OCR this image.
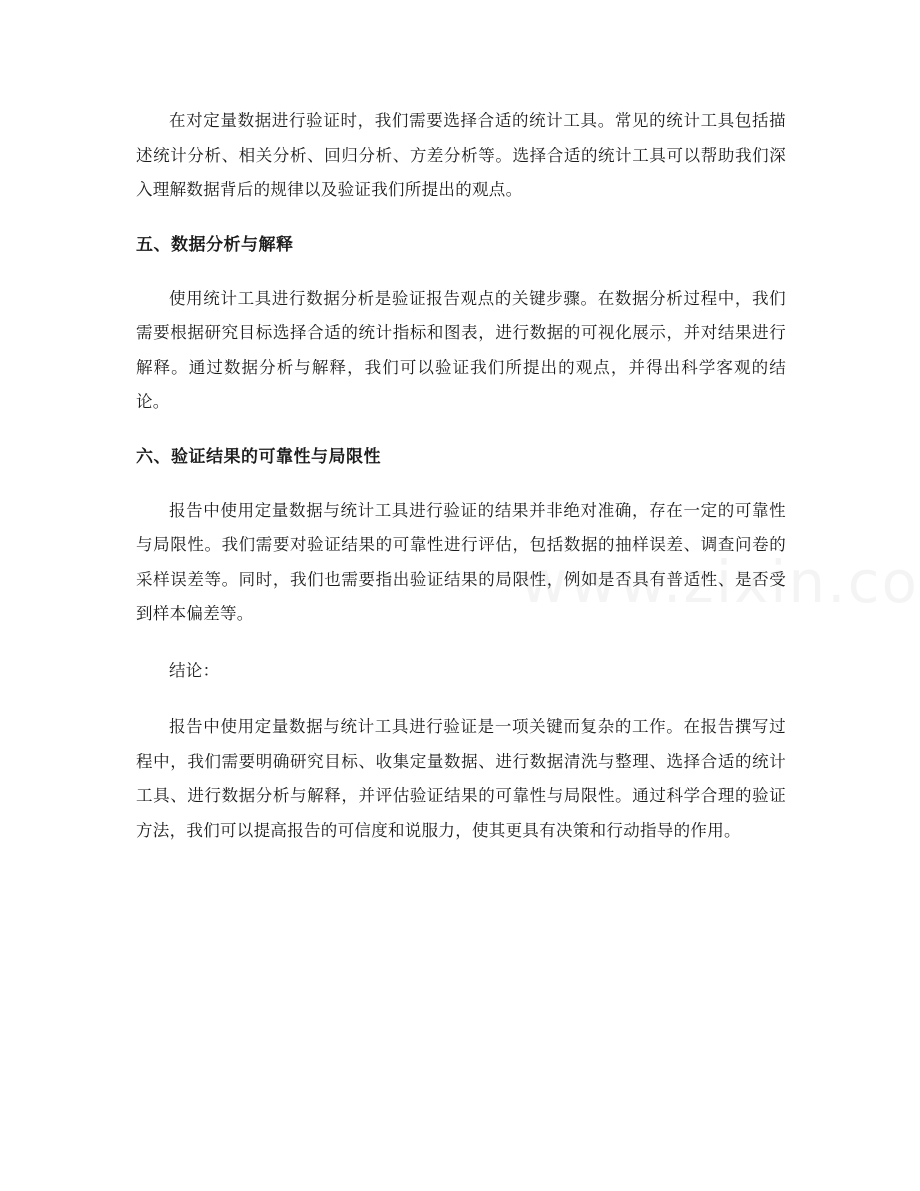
在对定量数据进行验证时，我们需要选择合适的统计工具。常见的统计工具包括描述统计分析、相关分析、回归分析、方差分析等。选择合适的统计工具可以帮助我们深入理解数据背后的规律以及验证我们所提出的观点。

五、数据分析与解释

使用统计工具进行数据分析是验证报告观点的关键步骤。在数据分析过程中，我们需要根据研究目标选择合适的统计指标和图表，进行数据的可视化展示，并对结果进行解释。通过数据分析与解释，我们可以验证我们所提出的观点，并得出科学客观的结论。

六、验证结果的可靠性与局限性

报告中使用定量数据与统计工具进行验证的结果并非绝对准确，存在一定的可靠性与局限性。我们需要对验证结果的可靠性进行评估，包括数据的抽样误差、调查问卷的采样误差等。同时，我们也需要指出验证结果的局限性，例如是否具有普适性、是否受到样本偏差等。

结论：

报告中使用定量数据与统计工具进行验证是一项关键而复杂的工作。在报告撰写过程中，我们需要明确研究目标、收集定量数据、进行数据清洗与整理、选择合适的统计工具、进行数据分析与解释，并评估验证结果的可靠性与局限性。通过科学合理的验证方法，我们可以提高报告的可信度和说服力，使其更具有决策和行动指导的作用。
